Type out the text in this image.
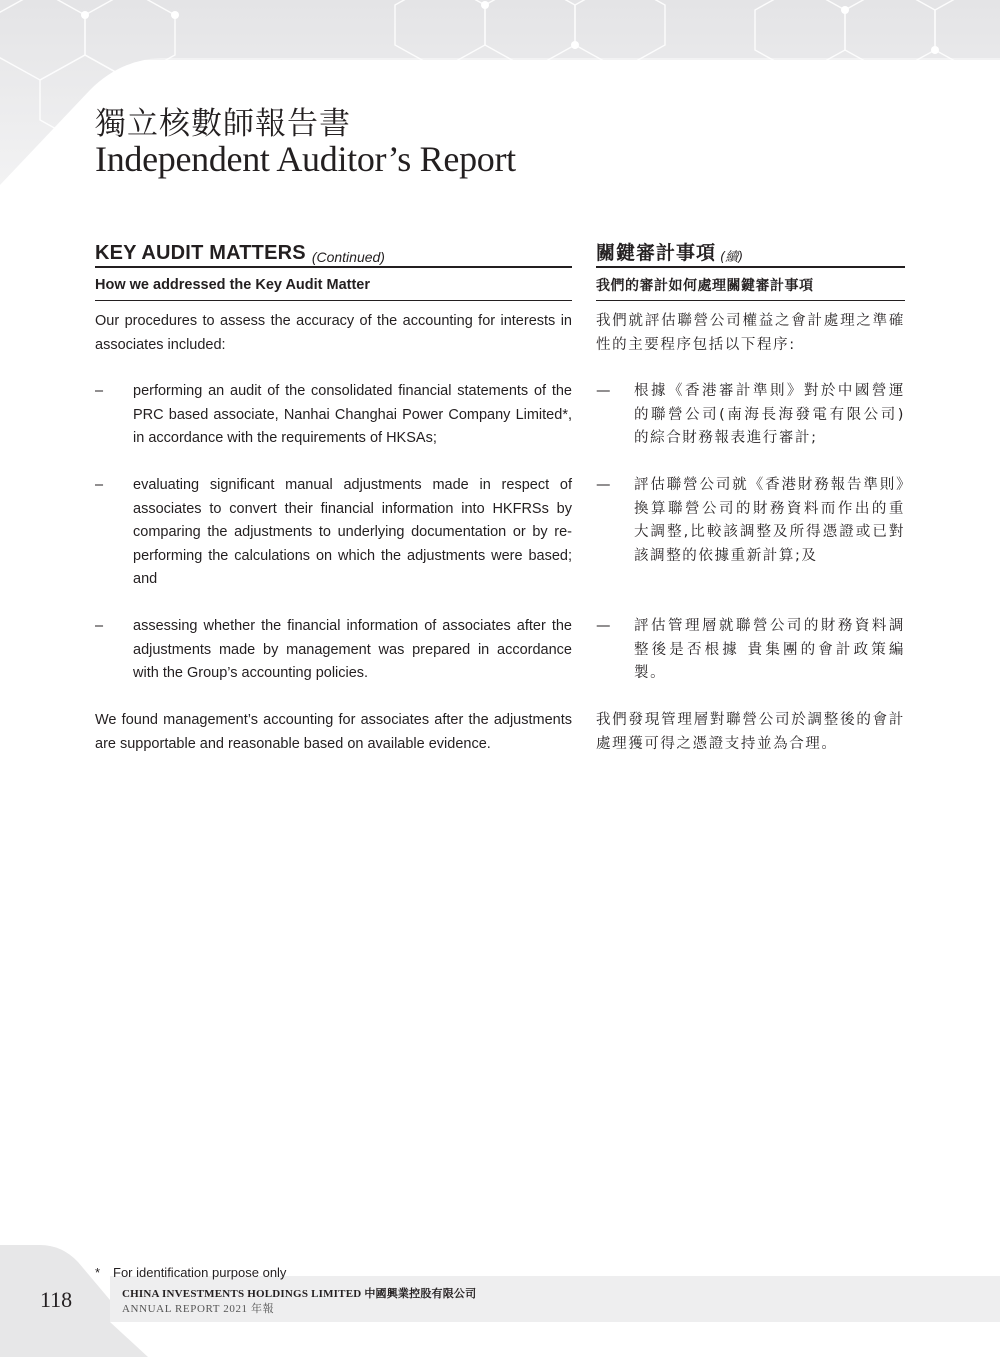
獨立核數師報告書
Independent Auditor’s Report
KEY AUDIT MATTERS (Continued)
How we addressed the Key Audit Matter
Our procedures to assess the accuracy of the accounting for interests in associates included:
–	performing an audit of the consolidated financial statements of the PRC based associate, Nanhai Changhai Power Company Limited*, in accordance with the requirements of HKSAs;
–	evaluating significant manual adjustments made in respect of associates to convert their financial information into HKFRSs by comparing the adjustments to underlying documentation or by re-performing the calculations on which the adjustments were based; and
–	assessing whether the financial information of associates after the adjustments made by management was prepared in accordance with the Group’s accounting policies.
We found management’s accounting for associates after the adjustments are supportable and reasonable based on available evidence.
關鍵審計事項 (續)
我們的審計如何處理關鍵審計事項
我們就評估聯營公司權益之會計處理之準確性的主要程序包括以下程序:
—	根據《香港審計準則》對於中國營運的聯營公司(南海長海發電有限公司)的綜合財務報表進行審計;
—	評估聯營公司就《香港財務報告準則》換算聯營公司的財務資料而作出的重大調整,比較該調整及所得憑證或已對該調整的依據重新計算;及
—	評估管理層就聯營公司的財務資料調整後是否根據 貴集團的會計政策編製。
我們發現管理層對聯營公司於調整後的會計處理獲可得之憑證支持並為合理。
* For identification purpose only
118	CHINA INVESTMENTS HOLDINGS LIMITED 中國興業控股有限公司
ANNUAL REPORT 2021 年報
